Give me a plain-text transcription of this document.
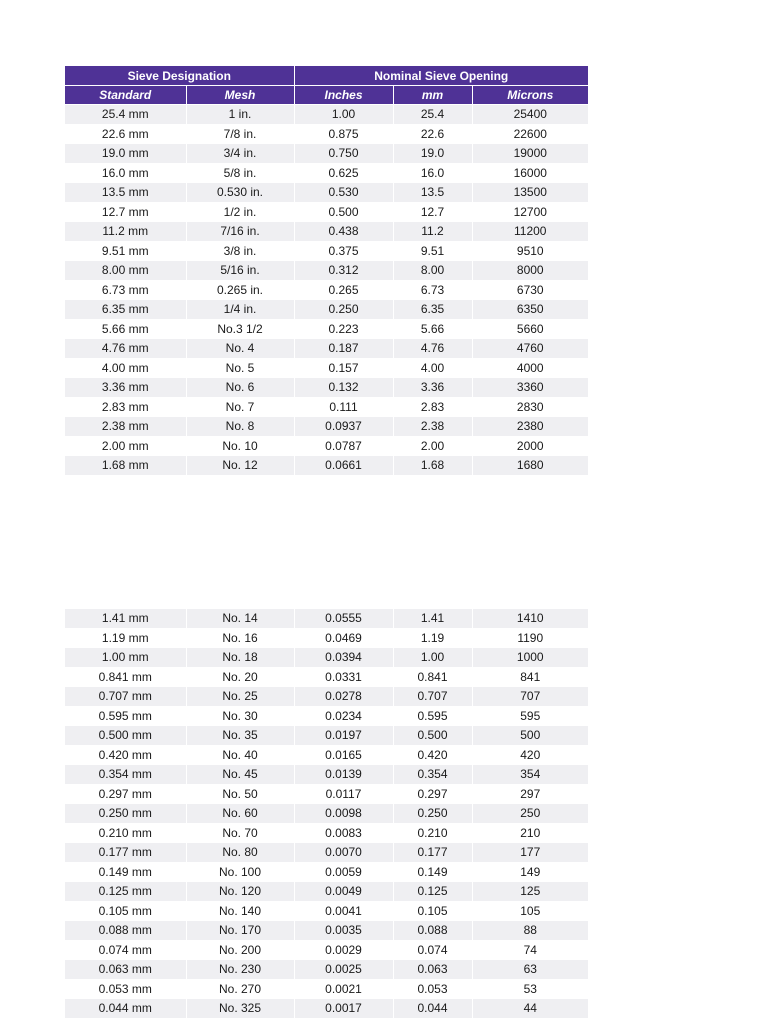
Sieve Designation		Nominal Sieve Opening		
Standard	Mesh	Inches	mm	Microns
25.4 mm	1 in.	1.00	25.4	25400
22.6 mm	7/8 in.	0.875	22.6	22600
19.0 mm	3/4 in.	0.750	19.0	19000
16.0 mm	5/8 in.	0.625	16.0	16000
13.5 mm	0.530 in.	0.530	13.5	13500
12.7 mm	1/2 in.	0.500	12.7	12700
11.2 mm	7/16 in.	0.438	11.2	11200
9.51 mm	3/8 in.	0.375	9.51	9510
8.00 mm	5/16 in.	0.312	8.00	8000
6.73 mm	0.265 in.	0.265	6.73	6730
6.35 mm	1/4 in.	0.250	6.35	6350
5.66 mm	No.3 1/2	0.223	5.66	5660
4.76 mm	No. 4	0.187	4.76	4760
4.00 mm	No. 5	0.157	4.00	4000
3.36 mm	No. 6	0.132	3.36	3360
2.83 mm	No. 7	0.111	2.83	2830
2.38 mm	No. 8	0.0937	2.38	2380
2.00 mm	No. 10	0.0787	2.00	2000
1.68 mm	No. 12	0.0661	1.68	1680
1.41 mm	No. 14	0.0555	1.41	1410
1.19 mm	No. 16	0.0469	1.19	1190
1.00 mm	No. 18	0.0394	1.00	1000
0.841 mm	No. 20	0.0331	0.841	841
0.707 mm	No. 25	0.0278	0.707	707
0.595 mm	No. 30	0.0234	0.595	595
0.500 mm	No. 35	0.0197	0.500	500
0.420 mm	No. 40	0.0165	0.420	420
0.354 mm	No. 45	0.0139	0.354	354
0.297 mm	No. 50	0.0117	0.297	297
0.250 mm	No. 60	0.0098	0.250	250
0.210 mm	No. 70	0.0083	0.210	210
0.177 mm	No. 80	0.0070	0.177	177
0.149 mm	No. 100	0.0059	0.149	149
0.125 mm	No. 120	0.0049	0.125	125
0.105 mm	No. 140	0.0041	0.105	105
0.088 mm	No. 170	0.0035	0.088	88
0.074 mm	No. 200	0.0029	0.074	74
0.063 mm	No. 230	0.0025	0.063	63
0.053 mm	No. 270	0.0021	0.053	53
0.044 mm	No. 325	0.0017	0.044	44
